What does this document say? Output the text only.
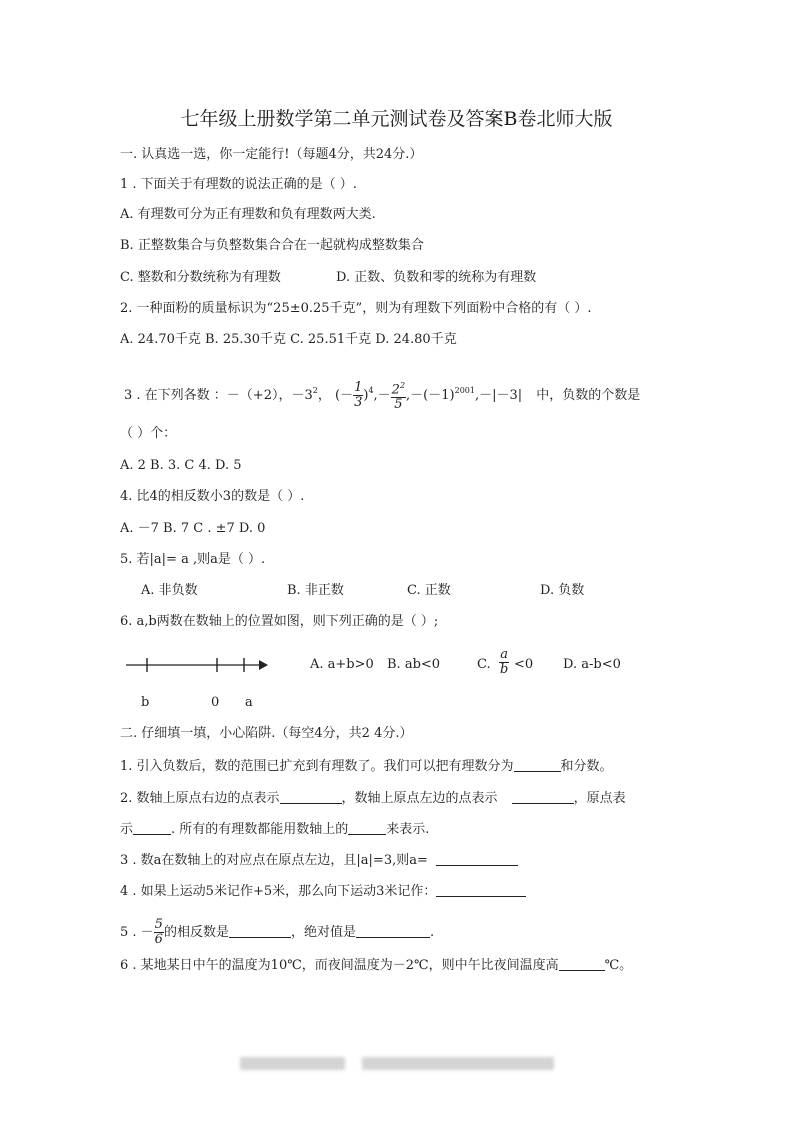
七年级上册数学第二单元测试卷及答案B卷北师大版
一. 认真选一选，你一定能行!（每题4分，共24分.）
1 . 下面关于有理数的说法正确的是（ ）.
A. 有理数可分为正有理数和负有理数两大类.
B. 正整数集合与负整数集合合在一起就构成整数集合
C. 整数和分数统称为有理数	D. 正数、负数和零的统称为有理数
2. 一种面粉的质量标识为“25±0.25千克”，则为有理数下列面粉中合格的有（ ）.
A. 24.70千克 B. 25.30千克 C. 25.51千克 D. 24.80千克
3 . 在下列各数 ：－（+2），$-3^2$， (－ $\frac{1}{3} )^4,- \frac{2^2}{5} ,-(-1)^{2001},-|-3|$ 中，负数的个数是
（ ）个：
A. 2 B. 3. C 4. D. 5
4. 比4的相反数小3的数是（ ）.
A. －7 B. 7 C . ±7 D. 0
5. 若|a|= a ,则a是（ ）.
A. 非负数	B. 非正数	C. 正数	D. 负数
6. a,b两数在数轴上的位置如图，则下列正确的是（ ）;
b	0 a
A. a+b>0 B. ab<0	C. $\frac{a}{b} <0$ D. a-b<0
二. 仔细填一填，小心陷阱.（每空4分，共2 4分.）
1. 引入负数后，数的范围已扩充到有理数了。我们可以把有理数分为	和分数。
2. 数轴上原点右边的点表示	，数轴上原点左边的点表示	，原点表
示	. 所有的有理数都能用数轴上的	来表示.
3 . 数a在数轴上的对应点在原点左边，且|a|=3,则a=
4 . 如果上运动5米记作+5米，那么向下运动3米记作：
5 . － $\frac{5}{6}$ 的相反数是	，绝对值是	.
6 . 某地某日中午的温度为10℃，而夜间温度为－2℃，则中午比夜间温度高	℃。
